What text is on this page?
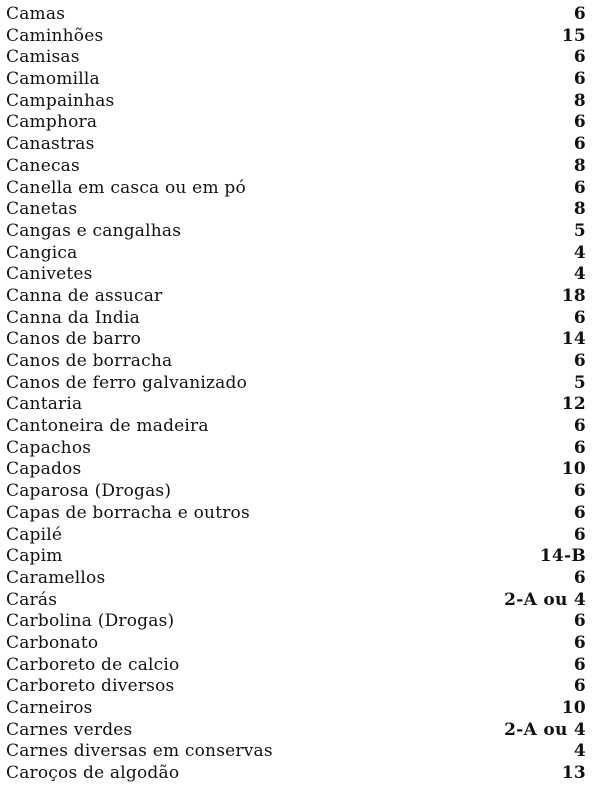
Camas	6
Caminhões	15
Camisas	6
Camomilla	6
Campainhas	8
Camphora	6
Canastras	6
Canecas	8
Canella em casca ou em pó	6
Canetas	8
Cangas e cangalhas	5
Cangica	4
Canivetes	4
Canna de assucar	18
Canna da India	6
Canos de barro	14
Canos de borracha	6
Canos de ferro galvanizado	5
Cantaria	12
Cantoneira de madeira	6
Capachos	6
Capados	10
Caparosa (Drogas)	6
Capas de borracha e outros	6
Capilé	6
Capim	14-B
Caramellos	6
Carás	2-A ou 4
Carbolina (Drogas)	6
Carbonato	6
Carboreto de calcio	6
Carboreto diversos	6
Carneiros	10
Carnes verdes	2-A ou 4
Carnes diversas em conservas	4
Caroços de algodão	13
